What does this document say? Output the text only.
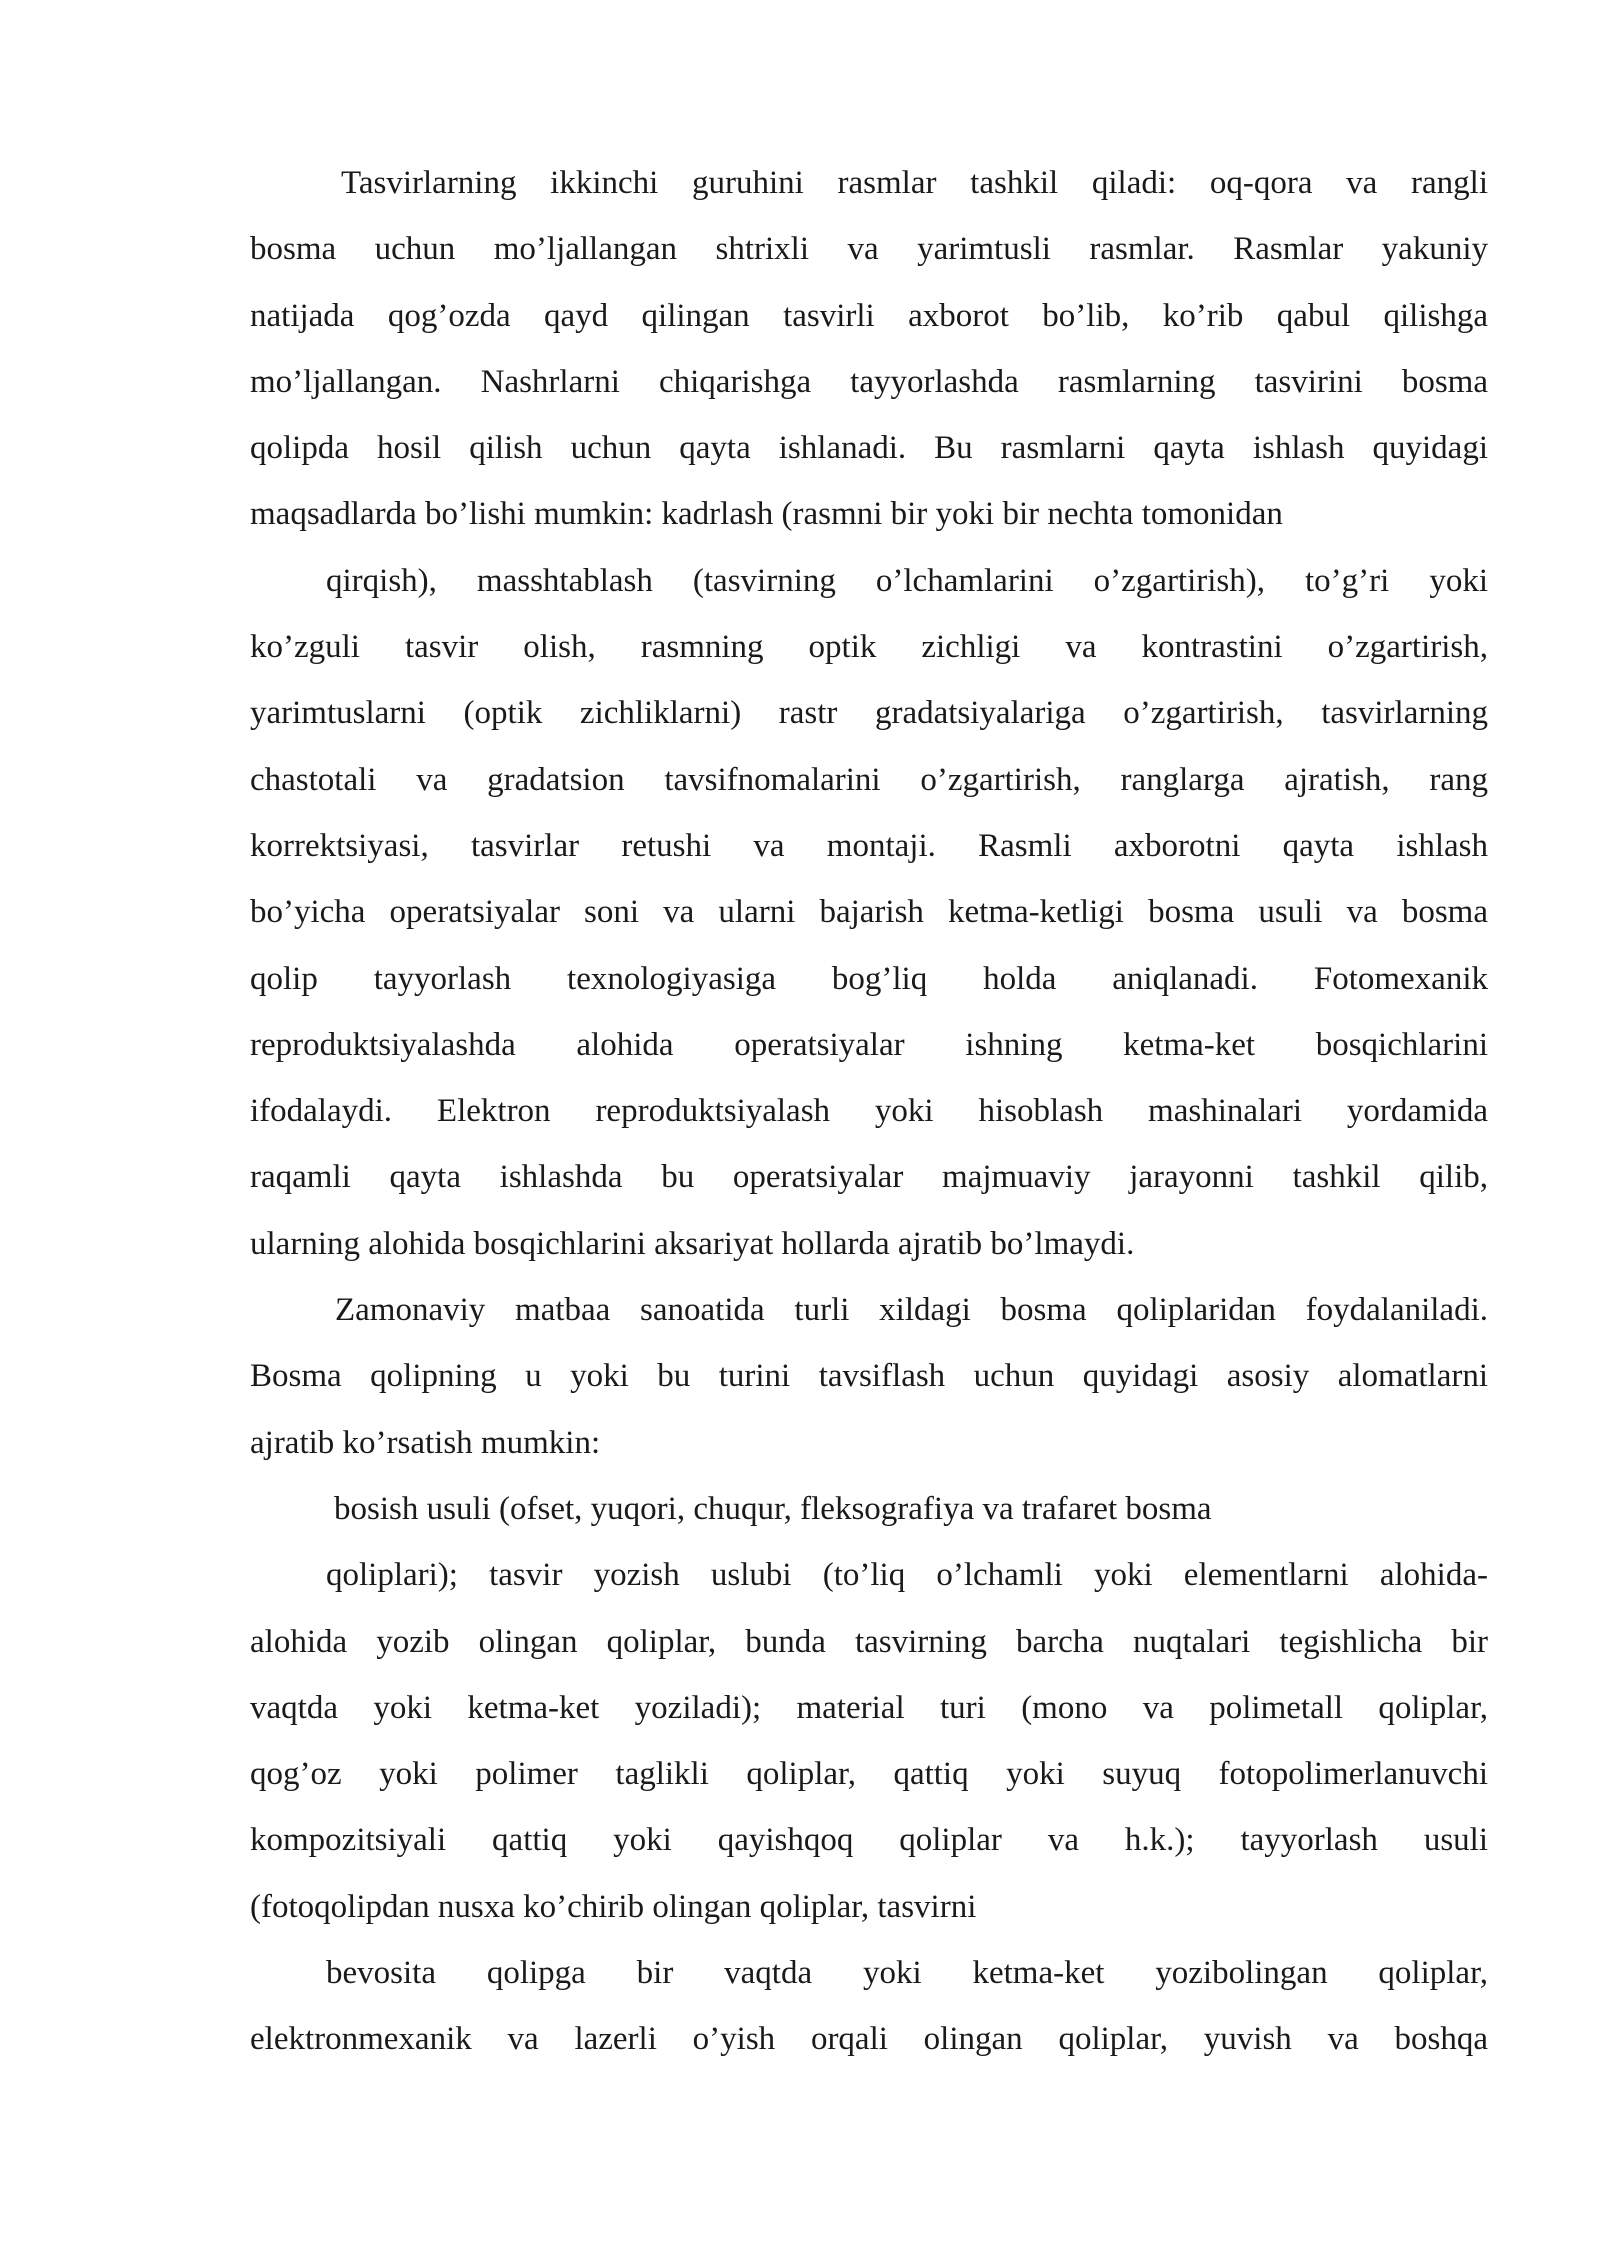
Tasvirlarning ikkinchi guruhini rasmlar tashkil qiladi: oq-qora va rangli
bosma uchun mo’ljallangan shtrixli va yarimtusli rasmlar. Rasmlar yakuniy
natijada qog’ozda qayd qilingan tasvirli axborot bo’lib, ko’rib qabul qilishga
mo’ljallangan. Nashrlarni chiqarishga tayyorlashda rasmlarning tasvirini bosma
qolipda hosil qilish uchun qayta ishlanadi. Bu rasmlarni qayta ishlash quyidagi
maqsadlarda bo’lishi mumkin: kadrlash (rasmni bir yoki bir nechta tomonidan
qirqish), masshtablash (tasvirning o’lchamlarini o’zgartirish), to’g’ri yoki
ko’zguli tasvir olish, rasmning optik zichligi va kontrastini o’zgartirish,
yarimtuslarni (optik zichliklarni) rastr gradatsiyalariga o’zgartirish, tasvirlarning
chastotali va gradatsion tavsifnomalarini o’zgartirish, ranglarga ajratish, rang
korrektsiyasi, tasvirlar retushi va montaji. Rasmli axborotni qayta ishlash
bo’yicha operatsiyalar soni va ularni bajarish ketma-ketligi bosma usuli va bosma
qolip tayyorlash texnologiyasiga bog’liq holda aniqlanadi. Fotomexanik
reproduktsiyalashda alohida operatsiyalar ishning ketma-ket bosqichlarini
ifodalaydi. Elektron reproduktsiyalash yoki hisoblash mashinalari yordamida
raqamli qayta ishlashda bu operatsiyalar majmuaviy jarayonni tashkil qilib,
ularning alohida bosqichlarini aksariyat hollarda ajratib bo’lmaydi.
Zamonaviy matbaa sanoatida turli xildagi bosma qoliplaridan foydalaniladi.
Bosma qolipning u yoki bu turini tavsiflash uchun quyidagi asosiy alomatlarni
ajratib ko’rsatish mumkin:
bosish usuli (ofset, yuqori, chuqur, fleksografiya va trafaret bosma
qoliplari); tasvir yozish uslubi (to’liq o’lchamli yoki elementlarni alohida-
alohida yozib olingan qoliplar, bunda tasvirning barcha nuqtalari tegishlicha bir
vaqtda yoki ketma-ket yoziladi); material turi (mono va polimetall qoliplar,
qog’oz yoki polimer taglikli qoliplar, qattiq yoki suyuq fotopolimerlanuvchi
kompozitsiyali qattiq yoki qayishqoq qoliplar va h.k.); tayyorlash usuli
(fotoqolipdan nusxa ko’chirib olingan qoliplar, tasvirni
bevosita qolipga bir vaqtda yoki ketma-ket yozibolingan qoliplar,
elektronmexanik va lazerli o’yish orqali olingan qoliplar, yuvish va boshqa
